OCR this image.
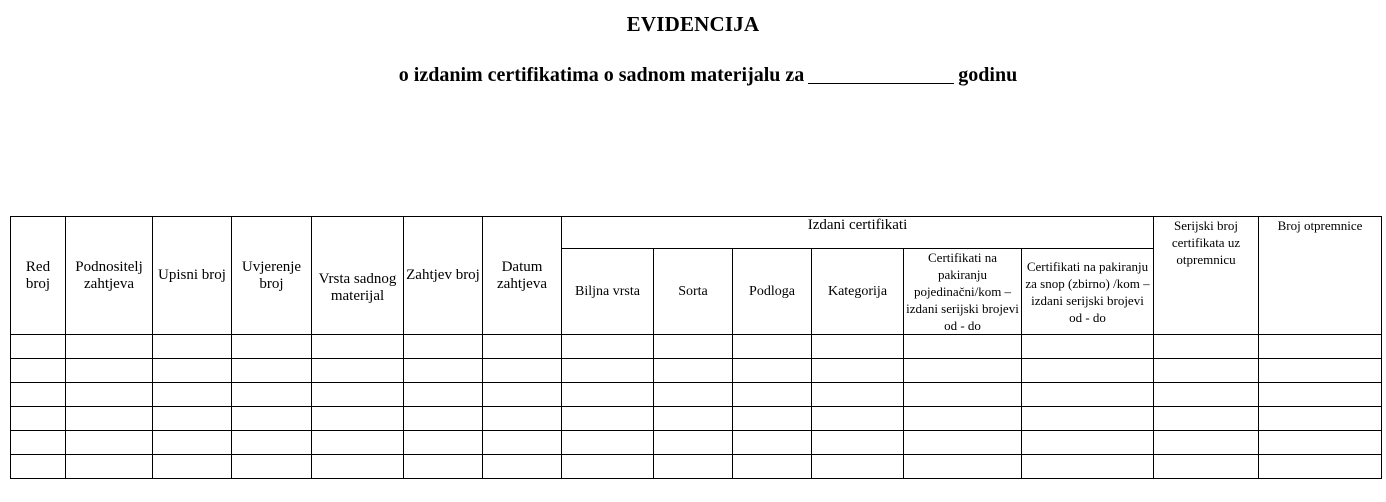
EVIDENCIJA
o izdanim certifikatima o sadnom materijalu za	godinu
Red broj	Podnositelj zahtjeva	Upisni broj	Uvjerenje broj	Vrsta sadnog materijal	Zahtjev broj	Datum zahtjeva	Izdani certifikati						Serijski broj certifikata uz otpremnicu	Broj otpremnice
							Biljna vrsta	Sorta	Podloga	Kategorija	Certifikati na pakiranju pojedinačni/kom – izdani serijski brojevi od - do	Certifikati na pakiranju za snop (zbirno) /kom – izdani serijski brojevi od - do		
